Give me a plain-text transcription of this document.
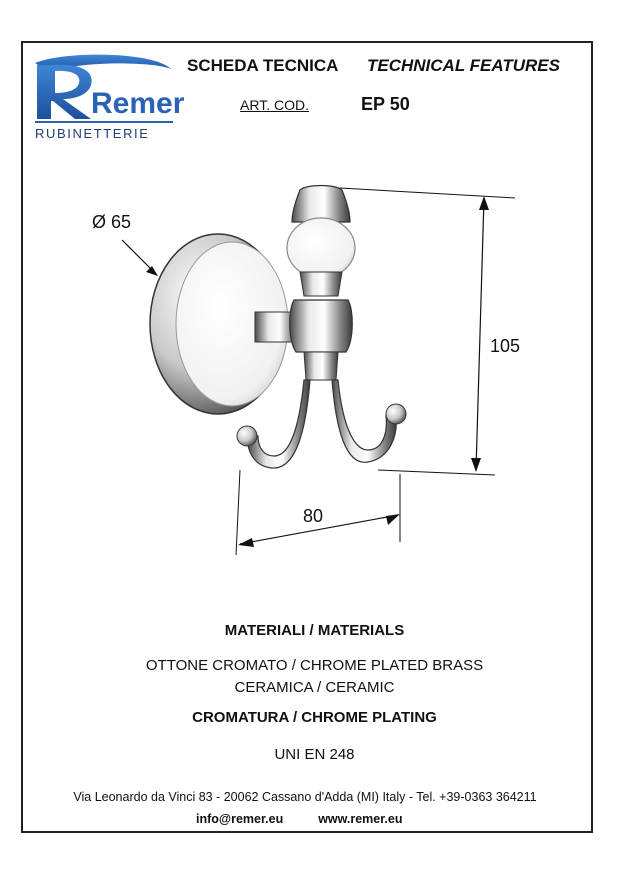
Remer
RUBINETTERIE
SCHEDA TECNICA TECHNICAL FEATURES
ART. COD.	EP 50
Ø 65
105
80
MATERIALI / MATERIALS
OTTONE CROMATO / CHROME PLATED BRASS
CERAMICA / CERAMIC
CROMATURA / CHROME PLATING
UNI EN 248
Via Leonardo da Vinci 83 - 20062 Cassano d'Adda (MI) Italy - Tel. +39-0363 364211
info@remer.eu	www.remer.eu
